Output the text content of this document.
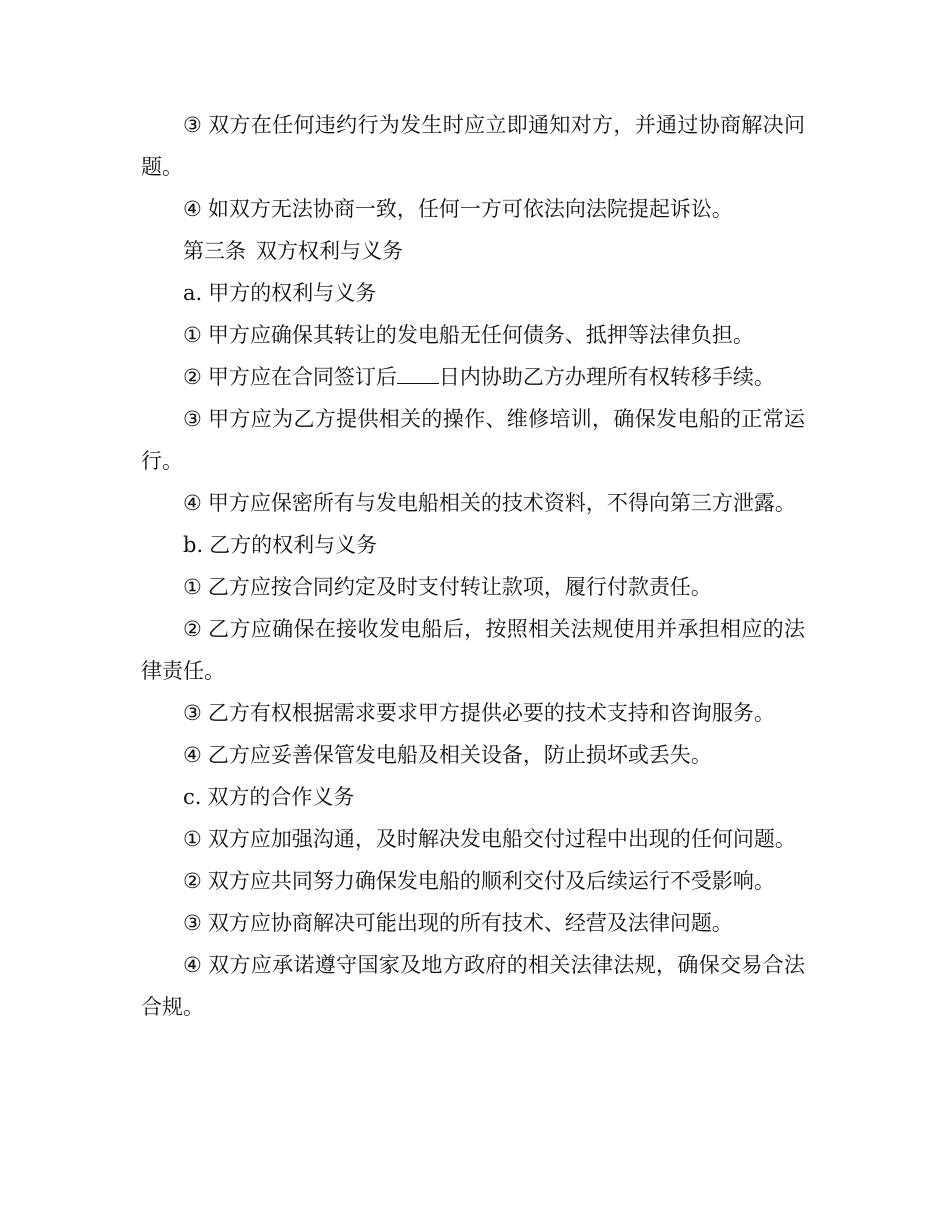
③ 双方在任何违约行为发生时应立即通知对方，并通过协商解决问题。

④ 如双方无法协商一致，任何一方可依法向法院提起诉讼。

第三条 双方权利与义务

a. 甲方的权利与义务

① 甲方应确保其转让的发电船无任何债务、抵押等法律负担。

② 甲方应在合同签订后 日内协助乙方办理所有权转移手续。

③ 甲方应为乙方提供相关的操作、维修培训，确保发电船的正常运行。

④ 甲方应保密所有与发电船相关的技术资料，不得向第三方泄露。

b. 乙方的权利与义务

① 乙方应按合同约定及时支付转让款项，履行付款责任。

② 乙方应确保在接收发电船后，按照相关法规使用并承担相应的法律责任。

③ 乙方有权根据需求要求甲方提供必要的技术支持和咨询服务。

④ 乙方应妥善保管发电船及相关设备，防止损坏或丢失。

c. 双方的合作义务

① 双方应加强沟通，及时解决发电船交付过程中出现的任何问题。

② 双方应共同努力确保发电船的顺利交付及后续运行不受影响。

③ 双方应协商解决可能出现的所有技术、经营及法律问题。

④ 双方应承诺遵守国家及地方政府的相关法律法规，确保交易合法合规。
